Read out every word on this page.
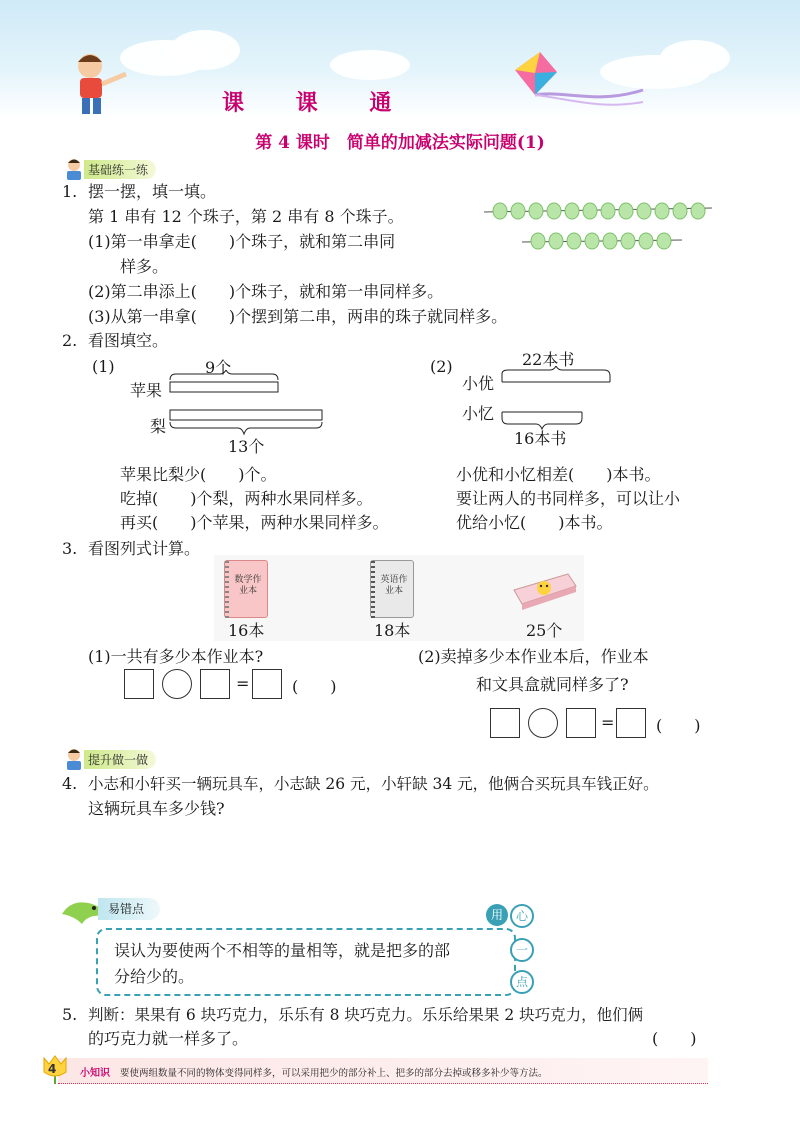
课 课 通
第 4 课时　简单的加减法实际问题(1)
基础练一练
1. 摆一摆，填一填。
第 1 串有 12 个珠子，第 2 串有 8 个珠子。
(1)第一串拿走(　　)个珠子，就和第二串同
样多。
(2)第二串添上(　　)个珠子，就和第一串同样多。
(3)从第一串拿(　　)个摆到第二串，两串的珠子就同样多。
2. 看图填空。
(1)	9个
苹果
梨
13个
苹果比梨少(　　)个。
吃掉(　　)个梨，两种水果同样多。
再买(　　)个苹果，两种水果同样多。
(2)	22本书
小优
小忆
16本书
小优和小忆相差(　　)本书。
要让两人的书同样多，可以让小
优给小忆(　　)本书。
3. 看图列式计算。
数学作业本
16本
英语作业本
18本	25个
(1)一共有多少本作业本?	(2)卖掉多少本作业本后，作业本
和文具盒就同样多了?
=	(　　)
=	(　　)
提升做一做
4. 小志和小轩买一辆玩具车，小志缺 26 元，小轩缺 34 元，他俩合买玩具车钱正好。
这辆玩具车多少钱?
易错点
误认为要使两个不相等的量相等，就是把多的部
分给少的。
用	心
一
点
5. 判断：果果有 6 块巧克力，乐乐有 8 块巧克力。乐乐给果果 2 块巧克力，他们俩
的巧克力就一样多了。	(　　)
4 小知识 要使两组数量不同的物体变得同样多，可以采用把少的部分补上、把多的部分去掉或移多补少等方法。
